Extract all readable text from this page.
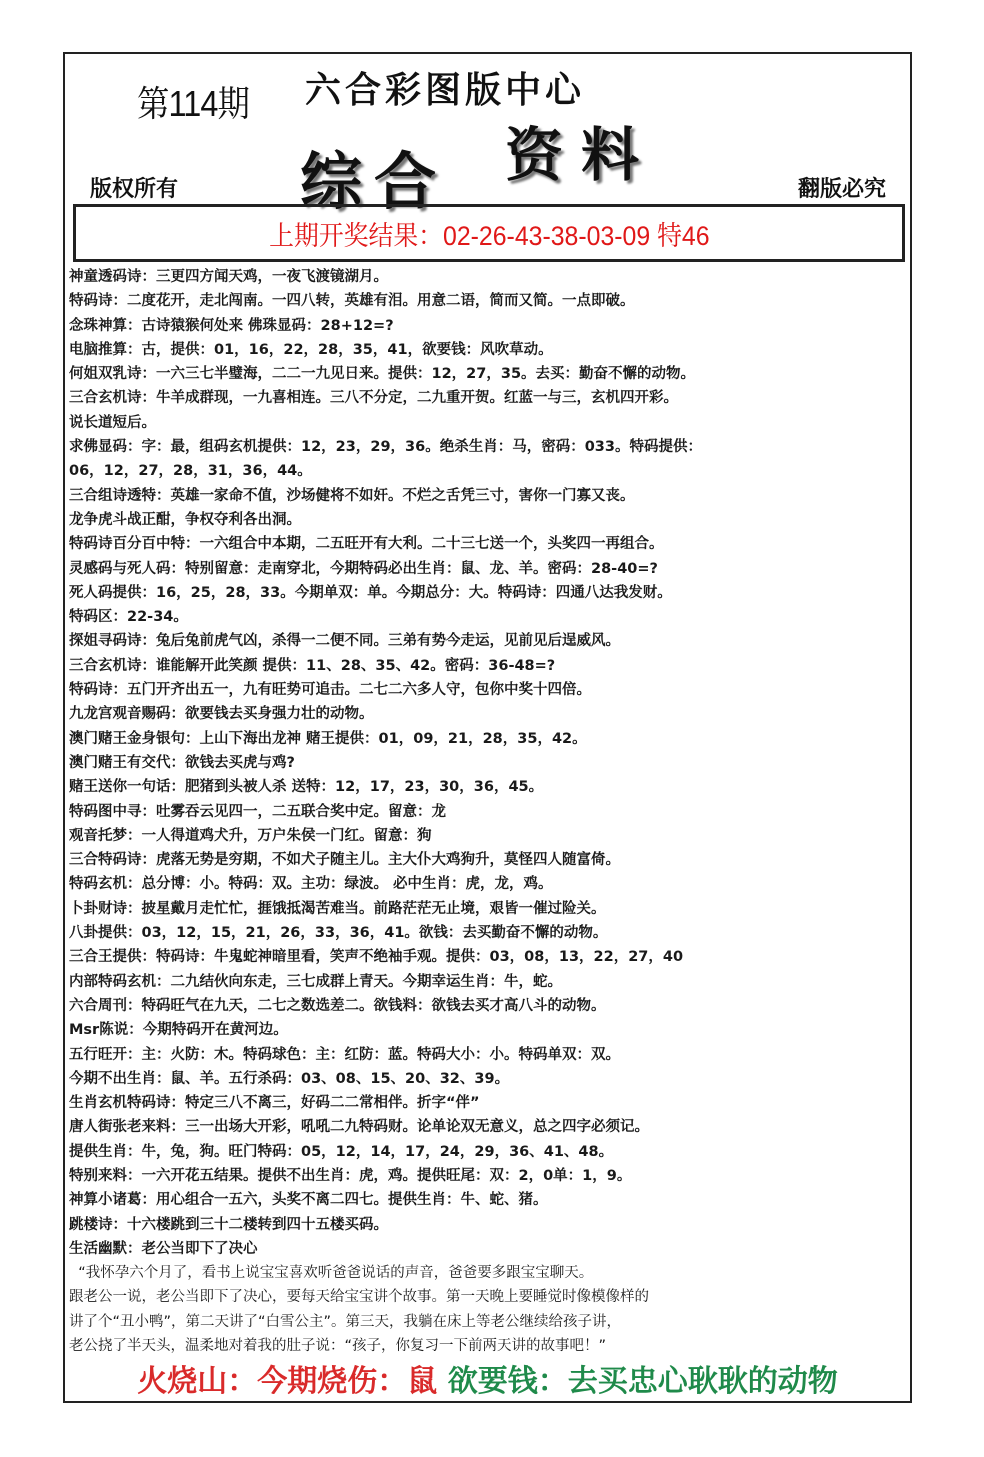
第114期 六合彩图版中心
综合 资料
版权所有	翻版必究
上期开奖结果：02-26-43-38-03-09 特46
神童透码诗：三更四方闻天鸡，一夜飞渡镜湖月。
特码诗：二度花开，走北闯南。一四八转，英雄有泪。用意二语，简而又简。一点即破。
念珠神算：古诗猿猴何处来 佛珠显码：28+12=?
电脑推算：古，提供：01，16，22，28，35，41，欲要钱：风吹草动。
何姐双乳诗：一六三七半璧海，二二一九见日来。提供：12，27，35。去买：勤奋不懈的动物。
三合玄机诗：牛羊成群现，一九喜相连。三八不分定，二九重开贺。红蓝一与三，玄机四开彩。
说长道短后。
求佛显码：字：最，组码玄机提供：12，23，29，36。绝杀生肖：马，密码：033。特码提供：
06，12，27，28，31，36，44。
三合组诗透特：英雄一家命不值，沙场健将不如奸。不烂之舌凭三寸，害你一门寡又丧。
龙争虎斗战正酣，争权夺利各出洞。
特码诗百分百中特：一六组合中本期，二五旺开有大利。二十三七送一个，头奖四一再组合。
灵感码与死人码：特别留意：走南穿北，今期特码必出生肖：鼠、龙、羊。密码：28-40=?
死人码提供：16，25，28，33。今期单双：单。今期总分：大。特码诗：四通八达我发财。
特码区：22-34。
探姐寻码诗：兔后兔前虎气凶，杀得一二便不同。三弟有势今走运，见前见后逞威风。
三合玄机诗：谁能解开此笑颜 提供：11、28、35、42。密码：36-48=?
特码诗：五门开齐出五一，九有旺势可追击。二七二六多人守，包你中奖十四倍。
九龙宫观音赐码：欲要钱去买身强力壮的动物。
澳门赌王金身银句：上山下海出龙神 赌王提供：01，09，21，28，35，42。
澳门赌王有交代：欲钱去买虎与鸡?
赌王送你一句话：肥猪到头被人杀 送特：12，17，23，30，36，45。
特码图中寻：吐雾吞云见四一，二五联合奖中定。留意：龙
观音托梦：一人得道鸡犬升，万户朱侯一门红。留意：狗
三合特码诗：虎落无势是穷期，不如犬子随主儿。主大仆大鸡狗升，莫怪四人随富倚。
特码玄机：总分博：小。特码：双。主功：绿波。 必中生肖：虎，龙，鸡。
卜卦财诗：披星戴月走忙忙，捱饿抵渴苦难当。前路茫茫无止境，艰皆一催过险关。
八卦提供：03，12，15，21，26，33，36，41。欲钱：去买勤奋不懈的动物。
三合王提供：特码诗：牛鬼蛇神暗里看，笑声不绝袖手观。提供：03，08，13，22，27，40
内部特码玄机：二九结伙向东走，三七成群上青天。今期幸运生肖：牛，蛇。
六合周刊：特码旺气在九天，二七之数选差二。欲钱料：欲钱去买才高八斗的动物。
Msr陈说：今期特码开在黄河边。
五行旺开：主：火防：木。特码球色：主：红防：蓝。特码大小：小。特码单双：双。
今期不出生肖：鼠、羊。五行杀码：03、08、15、20、32、39。
生肖玄机特码诗：特定三八不离三，好码二二常相伴。折字“伴”
唐人街张老来料：三一出场大开彩，吼吼二九特码财。论单论双无意义，总之四字必须记。
提供生肖：牛，兔，狗。旺门特码：05，12，14，17，24，29，36、41、48。
特别来料：一六开花五结果。提供不出生肖：虎，鸡。提供旺尾：双：2，0单：1，9。
神算小诸葛：用心组合一五六，头奖不离二四七。提供生肖：牛、蛇、猪。
跳楼诗：十六楼跳到三十二楼转到四十五楼买码。
生活幽默：老公当即下了决心
“我怀孕六个月了，看书上说宝宝喜欢听爸爸说话的声音，爸爸要多跟宝宝聊天。
跟老公一说，老公当即下了决心，要每天给宝宝讲个故事。第一天晚上要睡觉时像模像样的
讲了个“丑小鸭”，第二天讲了“白雪公主”。第三天，我躺在床上等老公继续给孩子讲，
老公挠了半天头，温柔地对着我的肚子说：“孩子，你复习一下前两天讲的故事吧！”
火烧山：今期烧伤：鼠 欲要钱：去买忠心耿耿的动物
